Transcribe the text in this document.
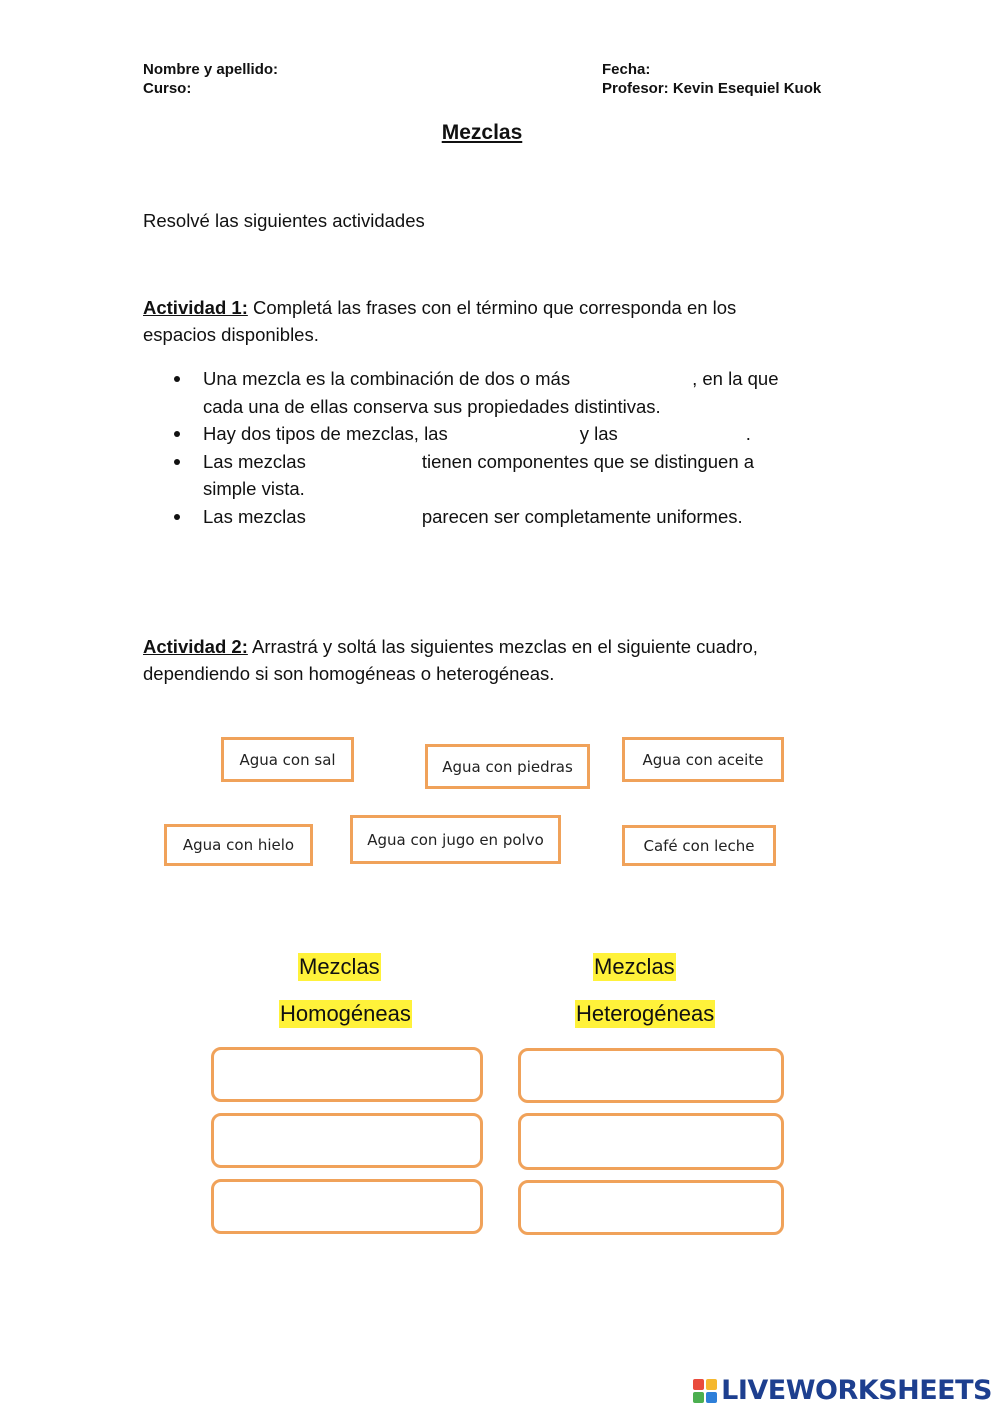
Nombre y apellido:
Curso:
Fecha:
Profesor: Kevin Esequiel Kuok
Mezclas
Resolvé las siguientes actividades
Actividad 1: Completá las frases con el término que corresponda en los
espacios disponibles.
Una mezcla es la combinación de dos o más	, en la que
cada una de ellas conserva sus propiedades distintivas.
Hay dos tipos de mezclas, las	y las	.
Las mezclas	tienen componentes que se distinguen a
simple vista.
Las mezclas	parecen ser completamente uniformes.
Actividad 2: Arrastrá y soltá las siguientes mezclas en el siguiente cuadro,
dependiendo si son homogéneas o heterogéneas.
Agua con sal	Agua con piedras	Agua con aceite
Agua con hielo	Agua con jugo en polvo	Café con leche
Mezclas
Homogéneas
Mezclas
Heterogéneas
LIVEWORKSHEETS
